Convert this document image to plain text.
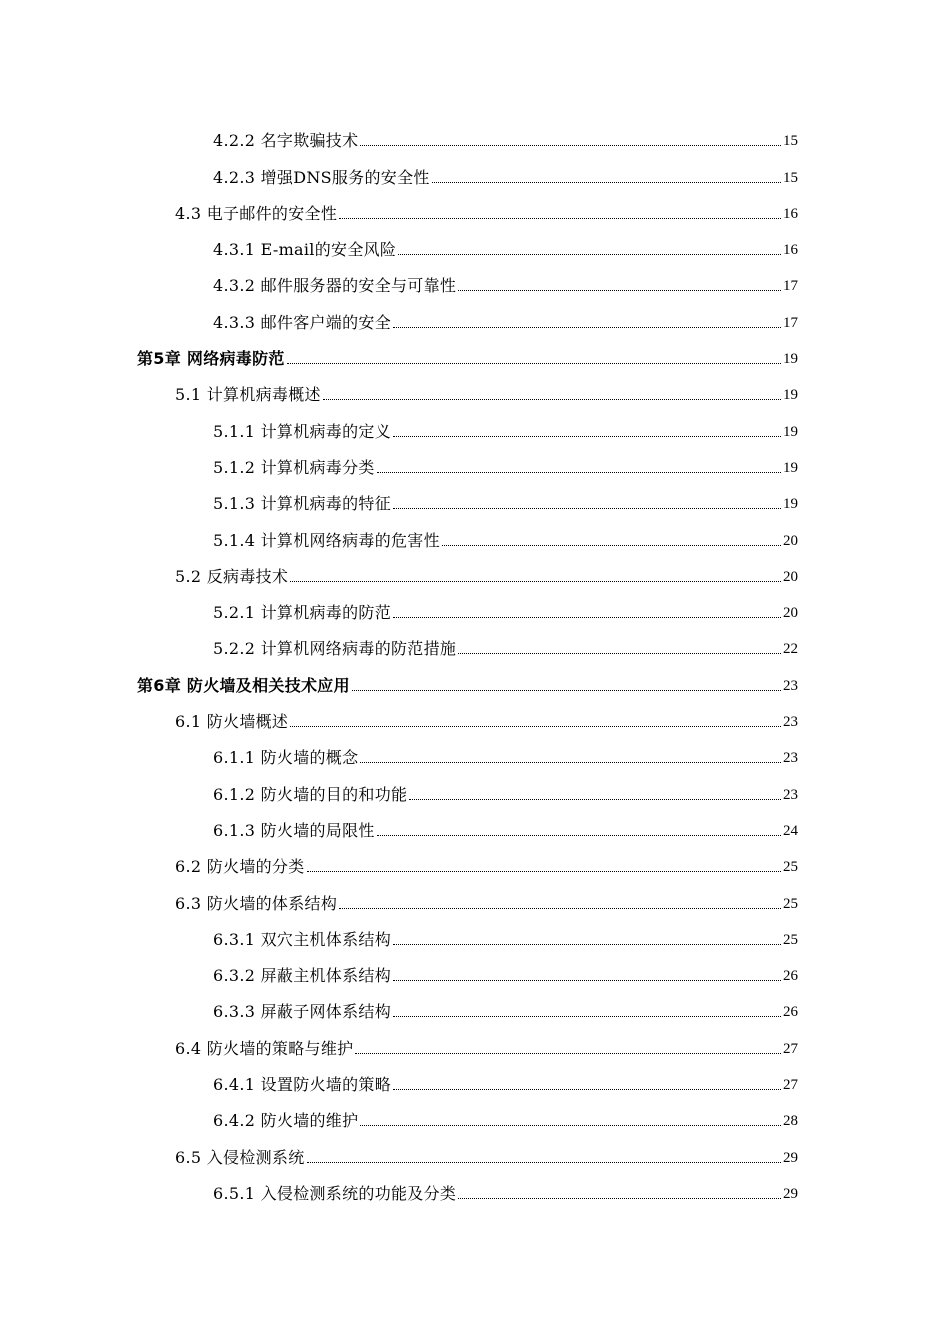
4.2.2 名字欺骗技术	15
4.2.3 增强DNS服务的安全性	15
4.3 电子邮件的安全性	16
4.3.1 E-mail的安全风险	16
4.3.2 邮件服务器的安全与可靠性	17
4.3.3 邮件客户端的安全	17
第5章 网络病毒防范	19
5.1 计算机病毒概述	19
5.1.1 计算机病毒的定义	19
5.1.2 计算机病毒分类	19
5.1.3 计算机病毒的特征	19
5.1.4 计算机网络病毒的危害性	20
5.2 反病毒技术	20
5.2.1 计算机病毒的防范	20
5.2.2 计算机网络病毒的防范措施	22
第6章 防火墙及相关技术应用	23
6.1 防火墙概述	23
6.1.1 防火墙的概念	23
6.1.2 防火墙的目的和功能	23
6.1.3 防火墙的局限性	24
6.2 防火墙的分类	25
6.3 防火墙的体系结构	25
6.3.1 双穴主机体系结构	25
6.3.2 屏蔽主机体系结构	26
6.3.3 屏蔽子网体系结构	26
6.4 防火墙的策略与维护	27
6.4.1 设置防火墙的策略	27
6.4.2 防火墙的维护	28
6.5 入侵检测系统	29
6.5.1 入侵检测系统的功能及分类	29
